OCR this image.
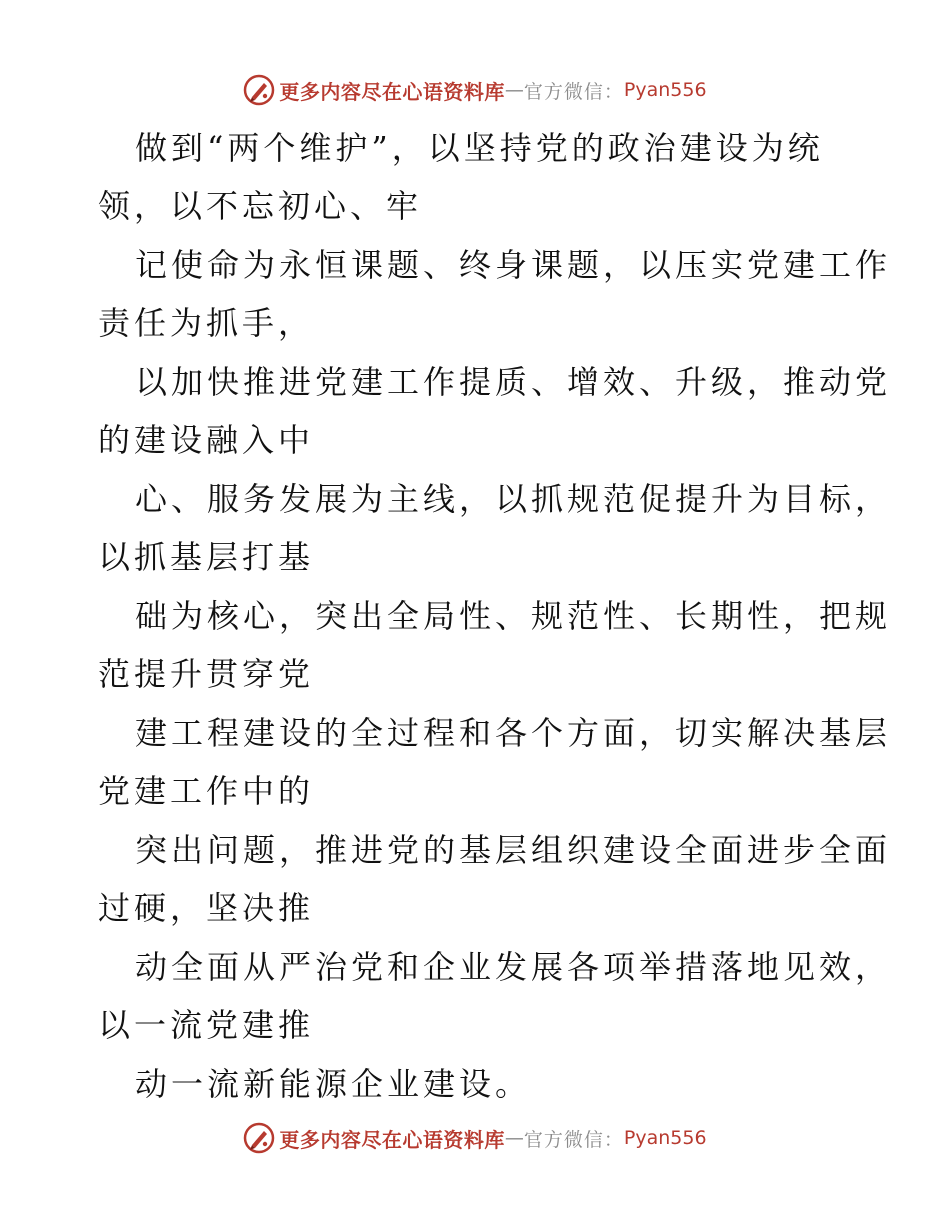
更多内容尽在心语资料库 — 官方微信： Pyan556
做到“两个维护”，以坚持党的政治建设为统
领，以不忘初心、牢
记使命为永恒课题、终身课题，以压实党建工作
责任为抓手，
以加快推进党建工作提质、增效、升级，推动党
的建设融入中
心、服务发展为主线，以抓规范促提升为目标，
以抓基层打基
础为核心，突出全局性、规范性、长期性，把规
范提升贯穿党
建工程建设的全过程和各个方面，切实解决基层
党建工作中的
突出问题，推进党的基层组织建设全面进步全面
过硬，坚决推
动全面从严治党和企业发展各项举措落地见效，
以一流党建推
动一流新能源企业建设。
更多内容尽在心语资料库 — 官方微信： Pyan556
